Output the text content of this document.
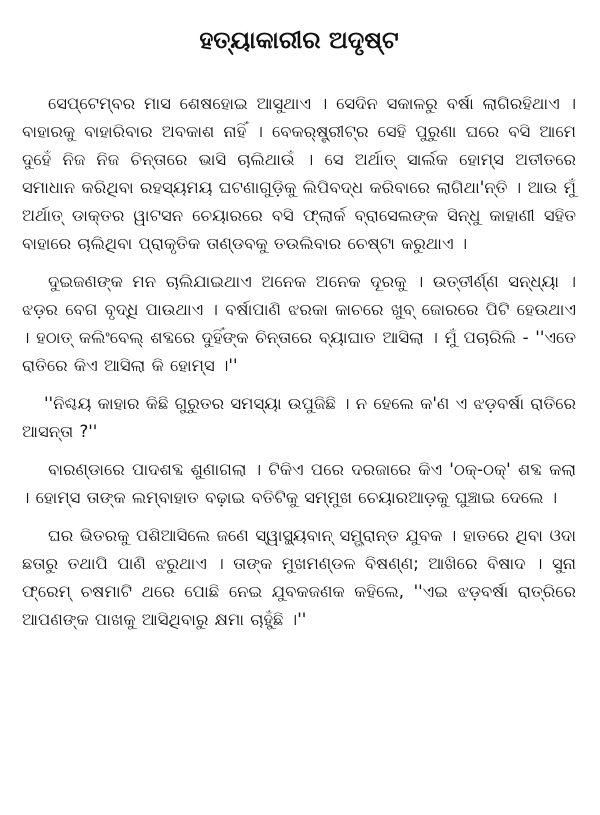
ହତ୍ୟାକାରୀର ଅଦୃଷ୍ଟ

ସେପ୍ଟେମ୍ବର ମାସ ଶେଷହୋଇ ଆସୁଥାଏ । ସେଦିନ ସକାଳରୁ ବର୍ଷା ଲାଗିରହିଥାଏ । ବାହାରକୁ ବାହାରିବାର ଅବକାଶ ନାହିଁ । ବେକର୍‌ଷ୍ଟ୍ରୀଟ୍‌ର ସେହି ପୁରୁଣା ଘରେ ବସି ଆମେ ଦୁହେଁ ନିଜ ନିଜ ଚିନ୍ତାରେ ଭାସି ଚାଲିଥାଉଁ । ସେ ଅର୍ଥାତ୍ ସାର୍ଲକ ହୋମ୍‌ସ ଅତୀତରେ ସମାଧାନ କରିଥିବା ରହସ୍ୟମୟ ଘଟଣାଗୁଡ଼ିକୁ ଲିପିବଦ୍ଧ କରିବାରେ ଲାଗିଥା'ନ୍ତି । ଆଉ ମୁଁ ଅର୍ଥାତ୍ ଡାକ୍ତର ୱାଟସନ ଚେୟାରରେ ବସି ଫ୍ଲାର୍କ ବ୍ରାସେଲଙ୍କ ସିନ୍ଧୁ କାହାଣୀ ସହିତ ବାହାରେ ଚାଲିଥିବା ପ୍ରାକୃତିକ ତାଣ୍ଡବକୁ ତଉଲିବାର ଚେଷ୍ଟା କରୁଥାଏ ।

ଦୁଇଜଣଙ୍କ ମନ ଚାଲିଯାଇଥାଏ ଅନେକ ଅନେକ ଦୂରକୁ । ଉତ୍ତୀର୍ଣ୍ଣ ସନ୍ଧ୍ୟା । ଝଡ଼ର ବେଗ ବୃଦ୍ଧି ପାଉଥାଏ । ବର୍ଷାପାଣି ଝରକା କାଚରେ ଖୁବ୍ ଜୋରରେ ପିଟି ହେଉଥାଏ । ହଠାତ୍ କଲିଂବେଲ୍ ଶବ୍ଦରେ ଦୁହିଁଙ୍କ ଚିନ୍ତାରେ ବ୍ୟାଘାତ ଆସିଲା । ମୁଁ ପଚାରିଲି - ''ଏତେ ରାତିରେ କିଏ ଆସିଲା କି ହୋମ୍‌ସ ।''

''ନିଶ୍ଚୟ କାହାର କିଛି ଗୁରୁତର ସମସ୍ୟା ଉପୁଜିଛି । ନ ହେଲେ କ'ଣ ଏ ଝଡ଼ବର୍ଷା ରାତିରେ ଆସନ୍ତା ?''

ବାରଣ୍ଡାରେ ପାଦଶବ୍ଦ ଶୁଣାଗଲା । ଟିକିଏ ପରେ ଦରଜାରେ କିଏ 'ଠକ୍-ଠକ୍' ଶବ୍ଦ କଲା । ହୋମ୍‌ସ ତାଙ୍କ ଲମ୍ବାହାତ ବଢ଼ାଇ ବତିଟିକୁ ସମ୍ମୁଖ ଚେୟାରଆଡ଼କୁ ଘୁଞ୍ଚାଇ ଦେଲେ ।

ଘର ଭିତରକୁ ପଶିଆସିଲେ ଜଣେ ସ୍ୱାସ୍ଥ୍ୟବାନ୍ ସମ୍ଭ୍ରାନ୍ତ ଯୁବକ । ହାତରେ ଥିବା ଓଦା ଛତାରୁ ତଥାପି ପାଣି ଝରୁଥାଏ । ତାଙ୍କ ମୁଖମଣ୍ଡଳ ବିଷଣ୍ଣ; ଆଖିରେ ବିଷାଦ । ସୁନା ଫ୍ରେମ୍ ଚଷମାଟି ଥରେ ପୋଛି ନେଇ ଯୁବକଜଣକ କହିଲେ, ''ଏଇ ଝଡ଼ବର୍ଷା ରାତ୍ରିରେ ଆପଣଙ୍କ ପାଖକୁ ଆସିଥିବାରୁ କ୍ଷମା ଚାହୁଁଛି ।''
